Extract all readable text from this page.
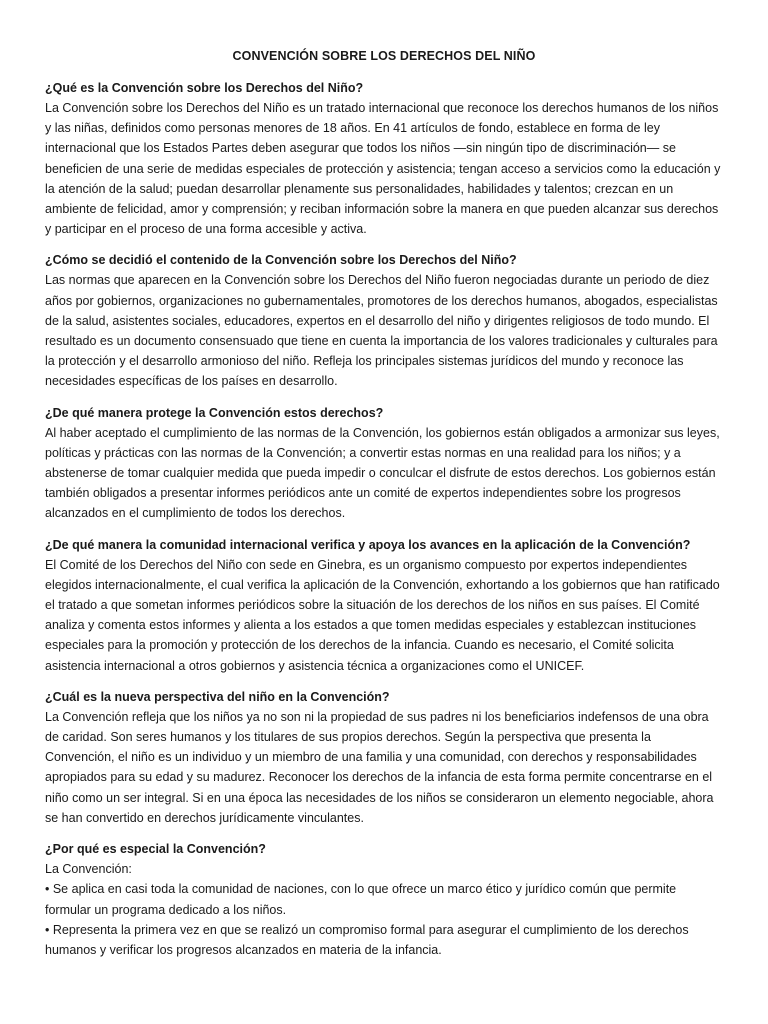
CONVENCIÓN SOBRE LOS DERECHOS DEL NIÑO

¿Qué es la Convención sobre los Derechos del Niño?

La Convención sobre los Derechos del Niño es un tratado internacional que reconoce los derechos humanos de los niños y las niñas, definidos como personas menores de 18 años. En 41 artículos de fondo, establece en forma de ley internacional que los Estados Partes deben asegurar que todos los niños —sin ningún tipo de discriminación— se beneficien de una serie de medidas especiales de protección y asistencia; tengan acceso a servicios como la educación y la atención de la salud; puedan desarrollar plenamente sus personalidades, habilidades y talentos; crezcan en un ambiente de felicidad, amor y comprensión; y reciban información sobre la manera en que pueden alcanzar sus derechos y participar en el proceso de una forma accesible y activa.

¿Cómo se decidió el contenido de la Convención sobre los Derechos del Niño?

Las normas que aparecen en la Convención sobre los Derechos del Niño fueron negociadas durante un periodo de diez años por gobiernos, organizaciones no gubernamentales, promotores de los derechos humanos, abogados, especialistas de la salud, asistentes sociales, educadores, expertos en el desarrollo del niño y dirigentes religiosos de todo mundo. El resultado es un documento consensuado que tiene en cuenta la importancia de los valores tradicionales y culturales para la protección y el desarrollo armonioso del niño. Refleja los principales sistemas jurídicos del mundo y reconoce las necesidades específicas de los países en desarrollo.

¿De qué manera protege la Convención estos derechos?

Al haber aceptado el cumplimiento de las normas de la Convención, los gobiernos están obligados a armonizar sus leyes, políticas y prácticas con las normas de la Convención; a convertir estas normas en una realidad para los niños; y a abstenerse de tomar cualquier medida que pueda impedir o conculcar el disfrute de estos derechos. Los gobiernos están también obligados a presentar informes periódicos ante un comité de expertos independientes sobre los progresos alcanzados en el cumplimiento de todos los derechos.

¿De qué manera la comunidad internacional verifica y apoya los avances en la aplicación de la Convención?

El Comité de los Derechos del Niño con sede en Ginebra, es un organismo compuesto por expertos independientes elegidos internacionalmente, el cual verifica la aplicación de la Convención, exhortando a los gobiernos que han ratificado el tratado a que sometan informes periódicos sobre la situación de los derechos de los niños en sus países. El Comité analiza y comenta estos informes y alienta a los estados a que tomen medidas especiales y establezcan instituciones especiales para la promoción y protección de los derechos de la infancia. Cuando es necesario, el Comité solicita asistencia internacional a otros gobiernos y asistencia técnica a organizaciones como el UNICEF.

¿Cuál es la nueva perspectiva del niño en la Convención?

La Convención refleja que los niños ya no son ni la propiedad de sus padres ni los beneficiarios indefensos de una obra de caridad. Son seres humanos y los titulares de sus propios derechos. Según la perspectiva que presenta la Convención, el niño es un individuo y un miembro de una familia y una comunidad, con derechos y responsabilidades apropiados para su edad y su madurez. Reconocer los derechos de la infancia de esta forma permite concentrarse en el niño como un ser integral. Si en una época las necesidades de los niños se consideraron un elemento negociable, ahora se han convertido en derechos jurídicamente vinculantes.

¿Por qué es especial la Convención?

La Convención:

• Se aplica en casi toda la comunidad de naciones, con lo que ofrece un marco ético y jurídico común que permite formular un programa dedicado a los niños.

• Representa la primera vez en que se realizó un compromiso formal para asegurar el cumplimiento de los derechos humanos y verificar los progresos alcanzados en materia de la infancia.
